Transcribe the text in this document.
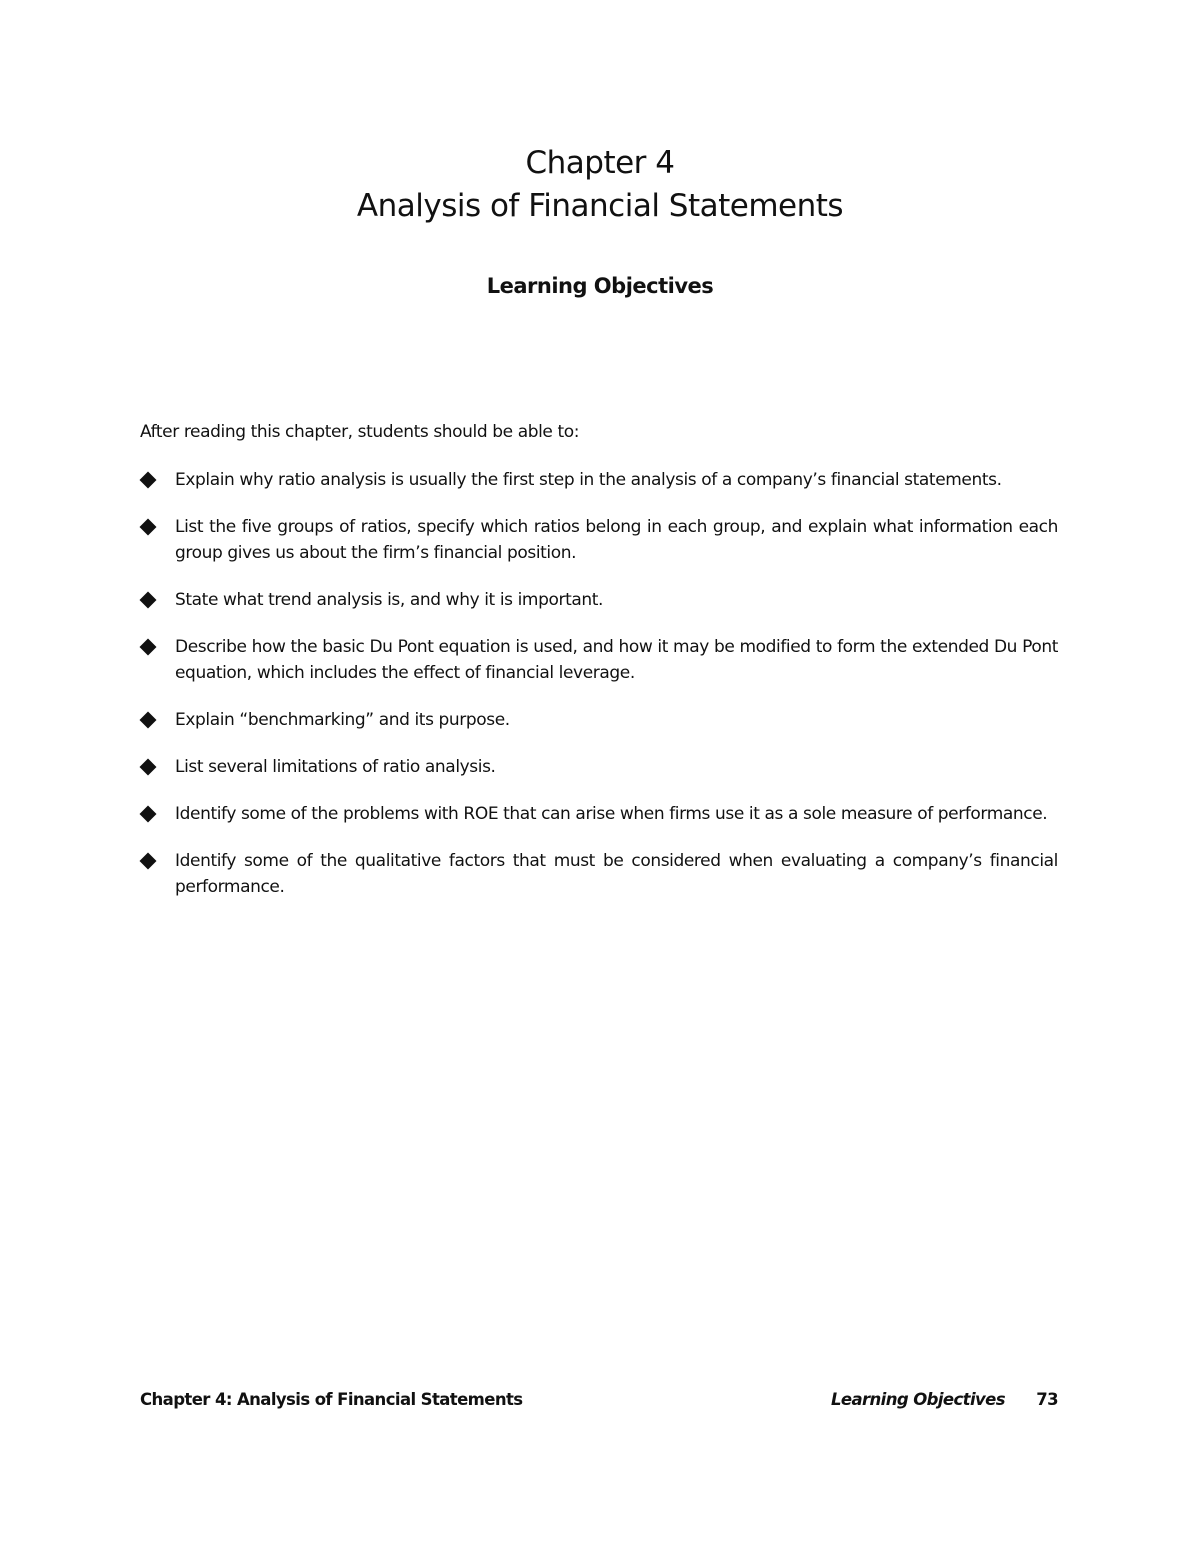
Chapter 4
Analysis of Financial Statements
Learning Objectives
After reading this chapter, students should be able to:
Explain why ratio analysis is usually the first step in the analysis of a company’s financial statements.
List the five groups of ratios, specify which ratios belong in each group, and explain what information each group gives us about the firm’s financial position.
State what trend analysis is, and why it is important.
Describe how the basic Du Pont equation is used, and how it may be modified to form the extended Du Pont equation, which includes the effect of financial leverage.
Explain “benchmarking” and its purpose.
List several limitations of ratio analysis.
Identify some of the problems with ROE that can arise when firms use it as a sole measure of performance.
Identify some of the qualitative factors that must be considered when evaluating a company’s financial performance.
Chapter 4: Analysis of Financial Statements	Learning Objectives 73
